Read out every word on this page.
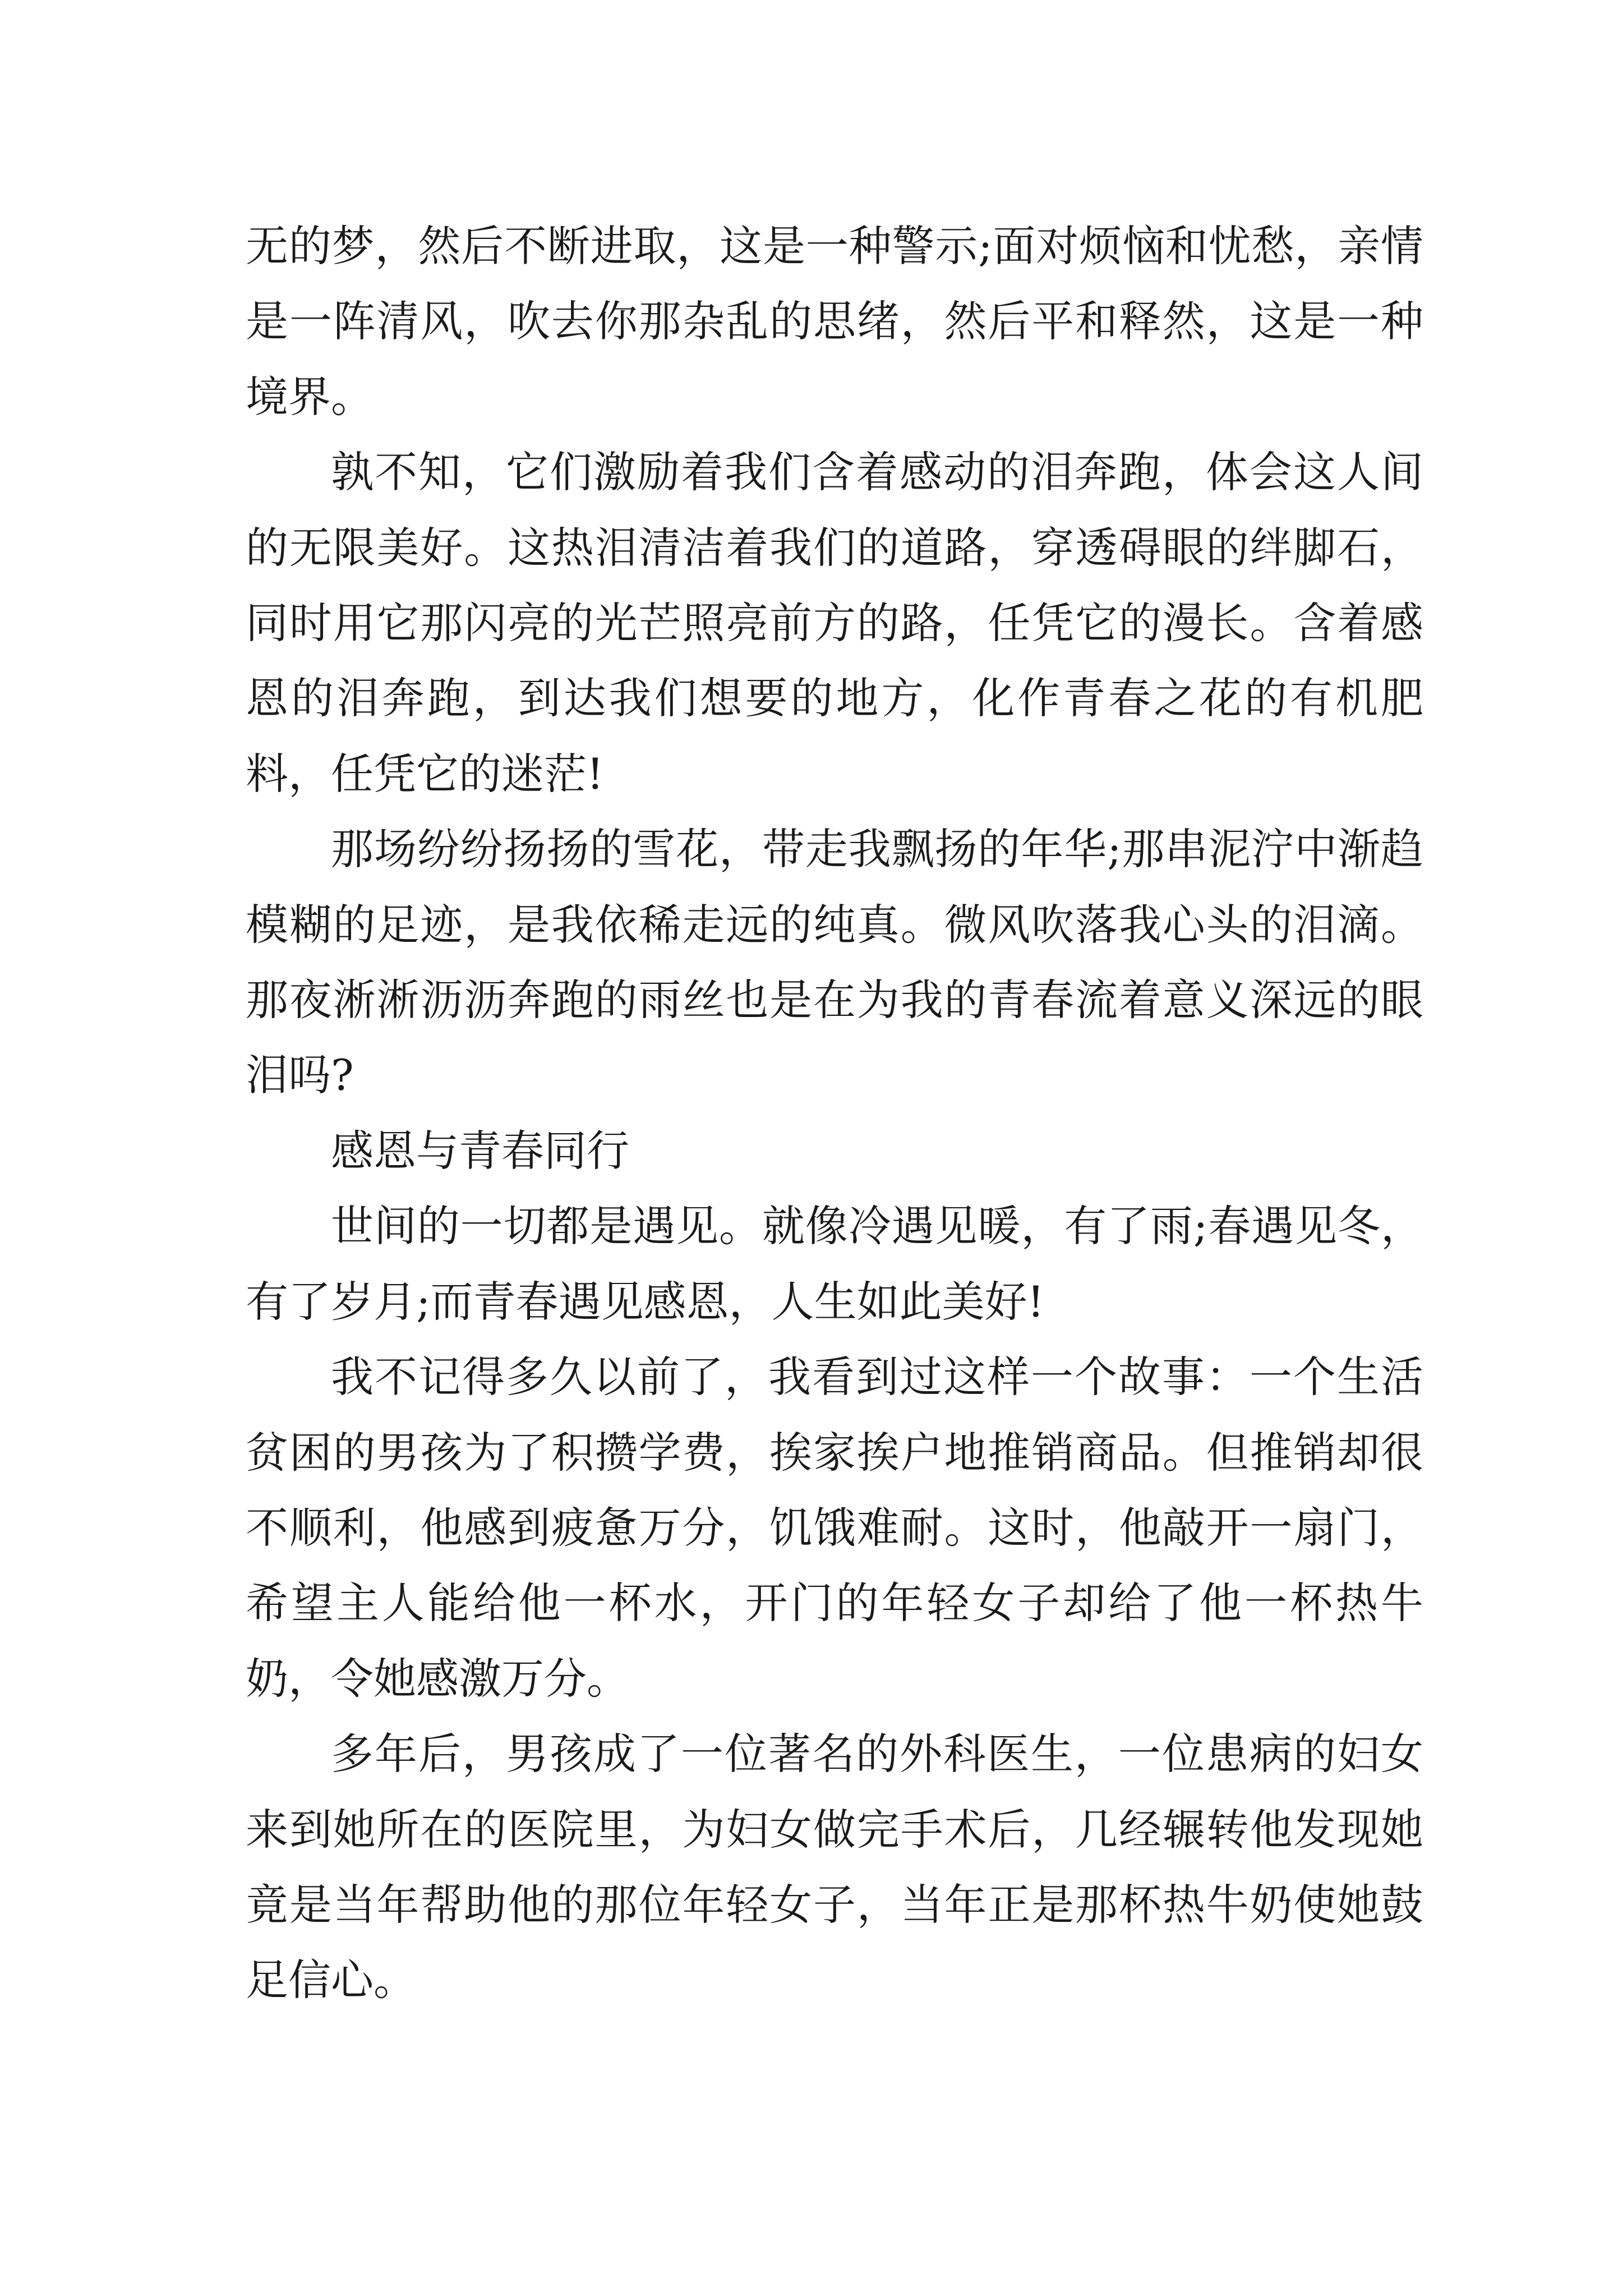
无的梦，然后不断进取，这是一种警示;面对烦恼和忧愁，亲情是一阵清风，吹去你那杂乱的思绪，然后平和释然，这是一种境界。

孰不知，它们激励着我们含着感动的泪奔跑，体会这人间的无限美好。这热泪清洁着我们的道路，穿透碍眼的绊脚石，同时用它那闪亮的光芒照亮前方的路，任凭它的漫长。含着感恩的泪奔跑，到达我们想要的地方，化作青春之花的有机肥料，任凭它的迷茫!

那场纷纷扬扬的雪花，带走我飘扬的年华;那串泥泞中渐趋模糊的足迹，是我依稀走远的纯真。微风吹落我心头的泪滴。那夜淅淅沥沥奔跑的雨丝也是在为我的青春流着意义深远的眼泪吗?

感恩与青春同行

世间的一切都是遇见。就像冷遇见暖，有了雨;春遇见冬，有了岁月;而青春遇见感恩，人生如此美好!

我不记得多久以前了，我看到过这样一个故事：一个生活贫困的男孩为了积攒学费，挨家挨户地推销商品。但推销却很不顺利，他感到疲惫万分，饥饿难耐。这时，他敲开一扇门，希望主人能给他一杯水，开门的年轻女子却给了他一杯热牛奶，令她感激万分。

多年后，男孩成了一位著名的外科医生，一位患病的妇女来到她所在的医院里，为妇女做完手术后，几经辗转他发现她竟是当年帮助他的那位年轻女子，当年正是那杯热牛奶使她鼓足信心。
